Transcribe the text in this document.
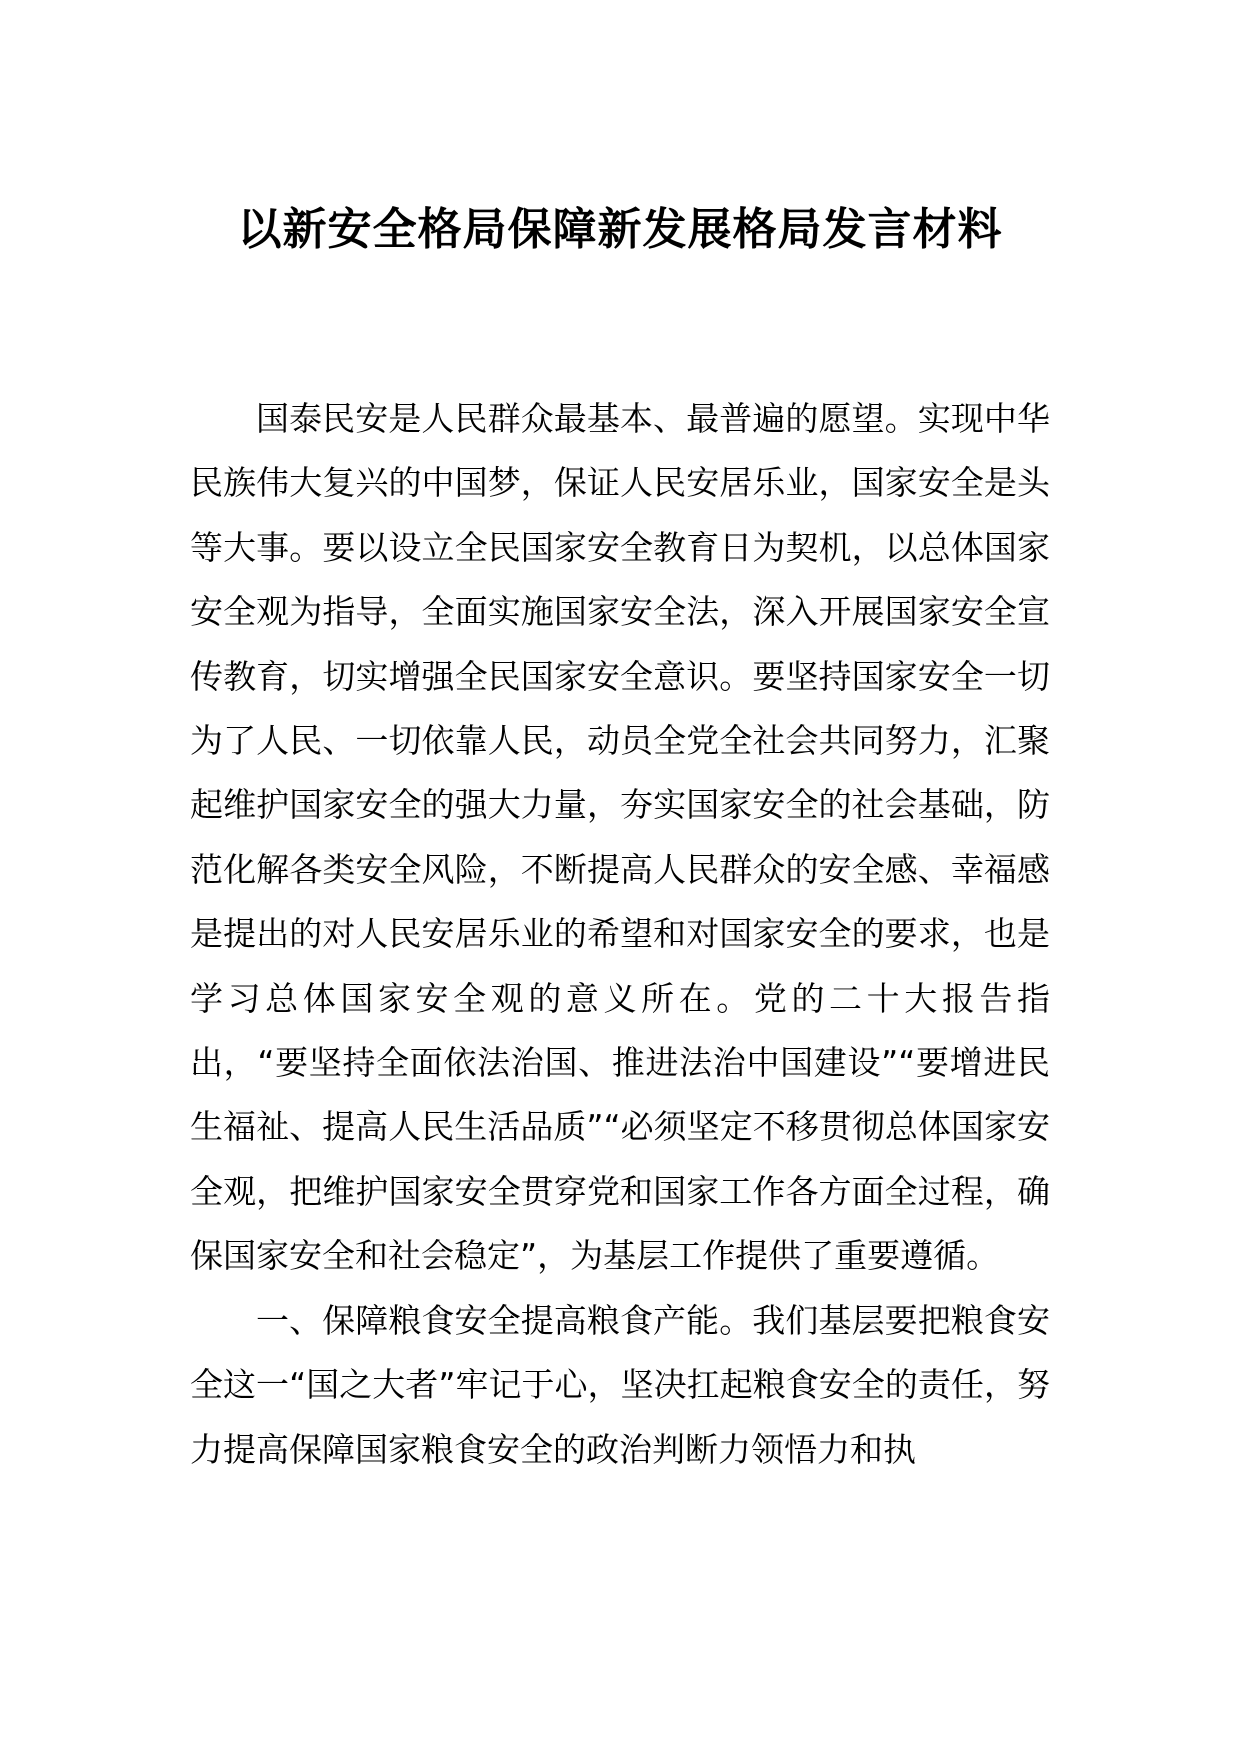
以新安全格局保障新发展格局发言材料

国泰民安是人民群众最基本、最普遍的愿望。实现中华民族伟大复兴的中国梦，保证人民安居乐业，国家安全是头等大事。要以设立全民国家安全教育日为契机，以总体国家安全观为指导，全面实施国家安全法，深入开展国家安全宣传教育，切实增强全民国家安全意识。要坚持国家安全一切为了人民、一切依靠人民，动员全党全社会共同努力，汇聚起维护国家安全的强大力量，夯实国家安全的社会基础，防范化解各类安全风险，不断提高人民群众的安全感、幸福感是提出的对人民安居乐业的希望和对国家安全的要求，也是学习总体国家安全观的意义所在。党的二十大报告指出，“要坚持全面依法治国、推进法治中国建设”“要增进民生福祉、提高人民生活品质”“必须坚定不移贯彻总体国家安全观，把维护国家安全贯穿党和国家工作各方面全过程，确保国家安全和社会稳定”，为基层工作提供了重要遵循。

一、保障粮食安全提高粮食产能。我们基层要把粮食安全这一“国之大者”牢记于心，坚决扛起粮食安全的责任，努力提高保障国家粮食安全的政治判断力领悟力和执
